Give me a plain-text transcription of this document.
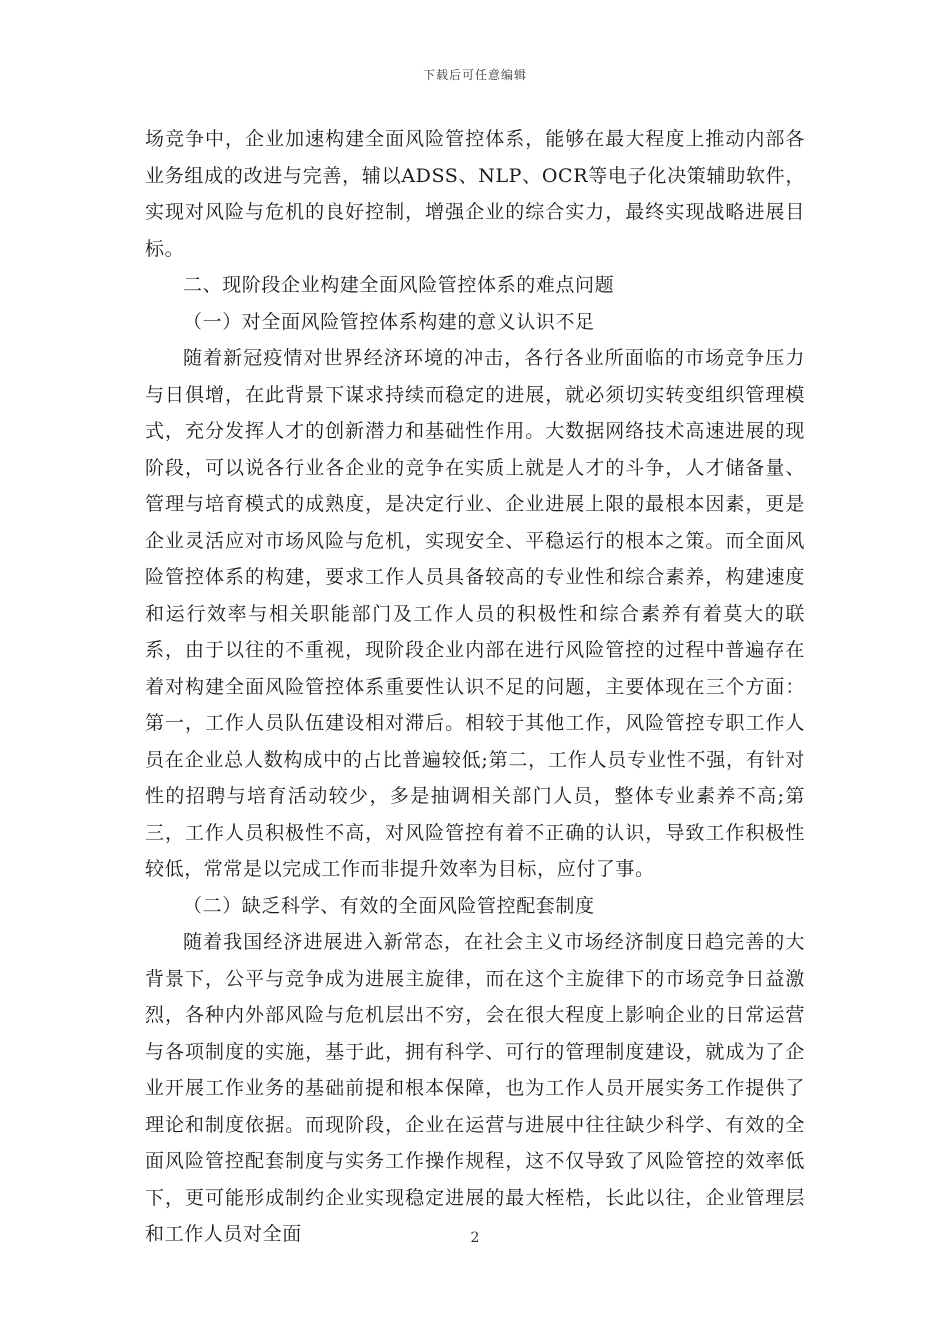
下载后可任意编辑

场竞争中，企业加速构建全面风险管控体系，能够在最大程度上推动内部各业务组成的改进与完善，辅以ADSS、NLP、OCR等电子化决策辅助软件，实现对风险与危机的良好控制，增强企业的综合实力，最终实现战略进展目标。

二、现阶段企业构建全面风险管控体系的难点问题

（一）对全面风险管控体系构建的意义认识不足

随着新冠疫情对世界经济环境的冲击，各行各业所面临的市场竞争压力与日俱增，在此背景下谋求持续而稳定的进展，就必须切实转变组织管理模式，充分发挥人才的创新潜力和基础性作用。大数据网络技术高速进展的现阶段，可以说各行业各企业的竞争在实质上就是人才的斗争，人才储备量、管理与培育模式的成熟度，是决定行业、企业进展上限的最根本因素，更是企业灵活应对市场风险与危机，实现安全、平稳运行的根本之策。而全面风险管控体系的构建，要求工作人员具备较高的专业性和综合素养，构建速度和运行效率与相关职能部门及工作人员的积极性和综合素养有着莫大的联系，由于以往的不重视，现阶段企业内部在进行风险管控的过程中普遍存在着对构建全面风险管控体系重要性认识不足的问题，主要体现在三个方面：第一，工作人员队伍建设相对滞后。相较于其他工作，风险管控专职工作人员在企业总人数构成中的占比普遍较低;第二，工作人员专业性不强，有针对性的招聘与培育活动较少，多是抽调相关部门人员，整体专业素养不高;第三，工作人员积极性不高，对风险管控有着不正确的认识，导致工作积极性较低，常常是以完成工作而非提升效率为目标，应付了事。

（二）缺乏科学、有效的全面风险管控配套制度

随着我国经济进展进入新常态，在社会主义市场经济制度日趋完善的大背景下，公平与竞争成为进展主旋律，而在这个主旋律下的市场竞争日益激烈，各种内外部风险与危机层出不穷，会在很大程度上影响企业的日常运营与各项制度的实施，基于此，拥有科学、可行的管理制度建设，就成为了企业开展工作业务的基础前提和根本保障，也为工作人员开展实务工作提供了理论和制度依据。而现阶段，企业在运营与进展中往往缺少科学、有效的全面风险管控配套制度与实务工作操作规程，这不仅导致了风险管控的效率低下，更可能形成制约企业实现稳定进展的最大桎梏，长此以往，企业管理层和工作人员对全面	2
